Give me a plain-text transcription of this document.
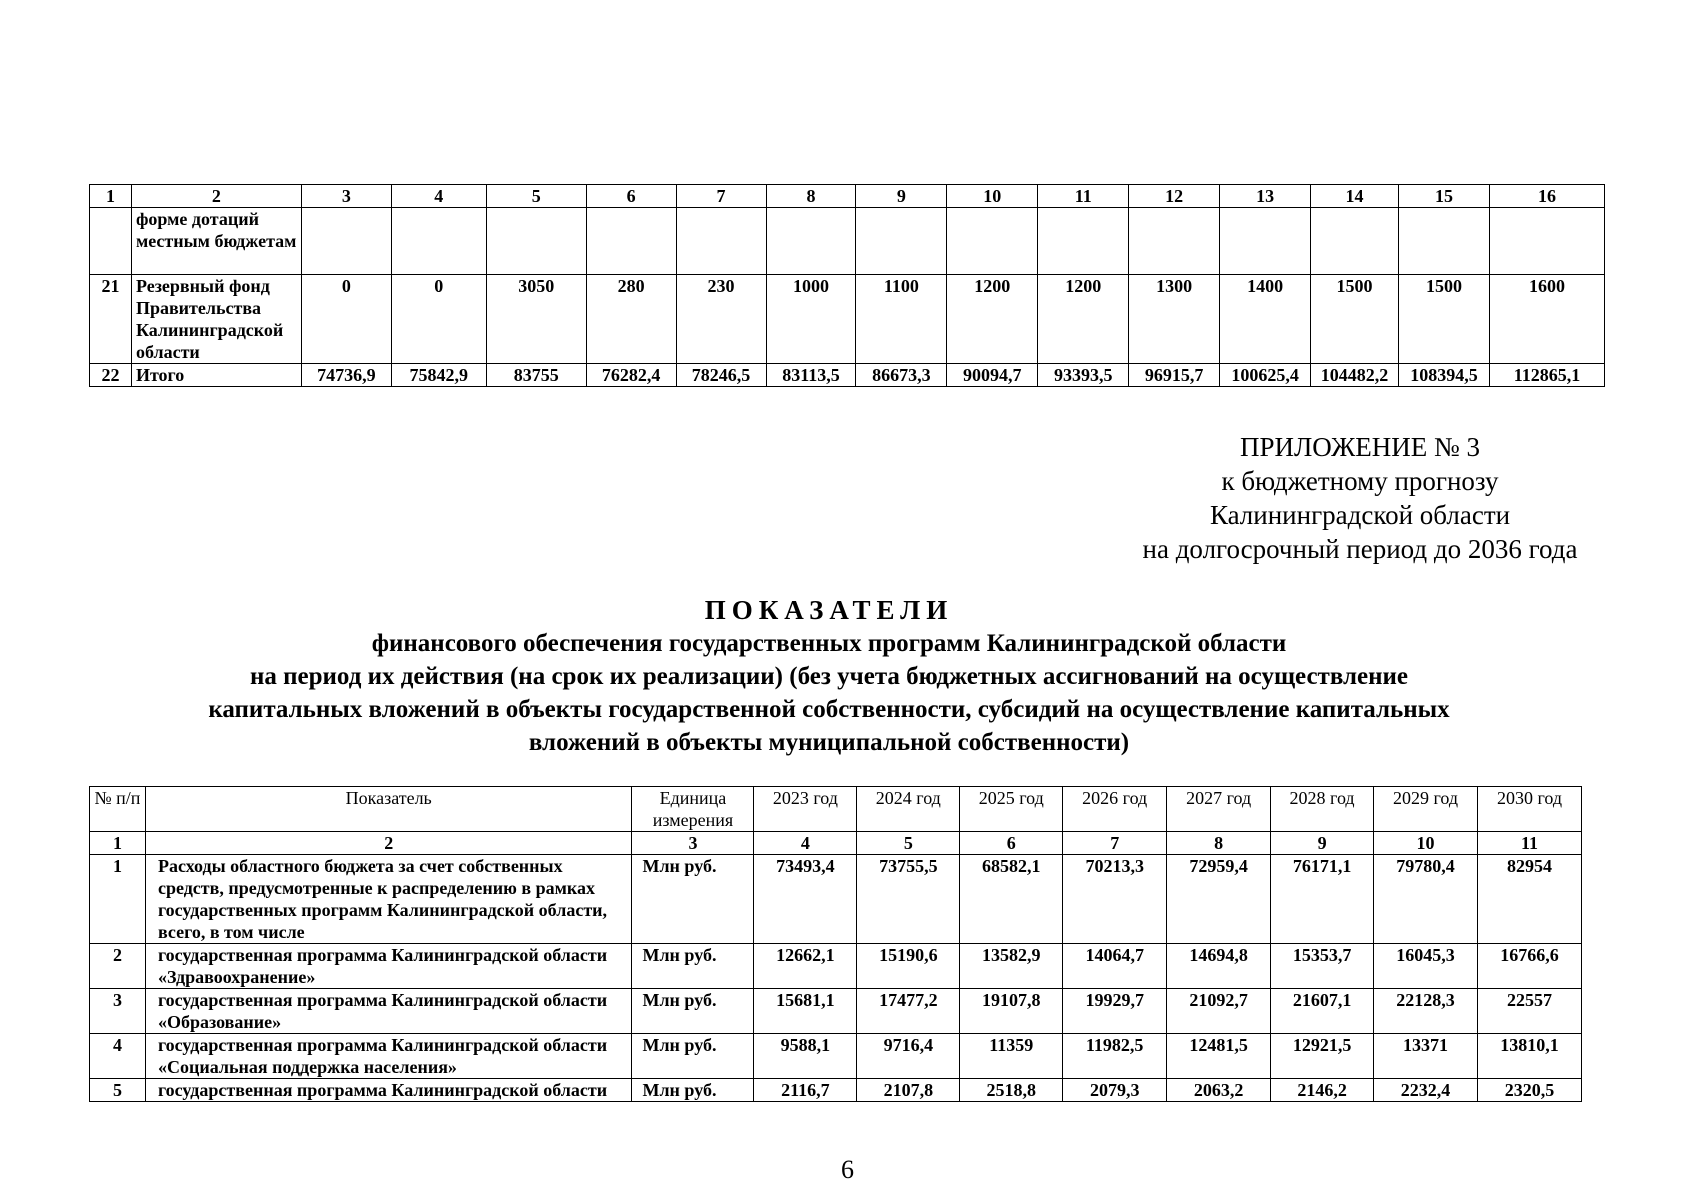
1	2	3	4	5	6	7	8	9	10	11	12	13	14	15	16
	форме дотаций местным бюджетам														
21	Резервный фонд Правительства Калининградской области	0	0	3050	280	230	1000	1100	1200	1200	1300	1400	1500	1500	1600
22	Итого	74736,9	75842,9	83755	76282,4	78246,5	83113,5	86673,3	90094,7	93393,5	96915,7	100625,4	104482,2	108394,5	112865,1
ПРИЛОЖЕНИЕ № 3
к бюджетному прогнозу
Калининградской области
на долгосрочный период до 2036 года
ПОКАЗАТЕЛИ
финансового обеспечения государственных программ Калининградской области
на период их действия (на срок их реализации) (без учета бюджетных ассигнований на осуществление
капитальных вложений в объекты государственной собственности, субсидий на осуществление капитальных
вложений в объекты муниципальной собственности)
№ п/п	Показатель	Единица измерения	2023 год	2024 год	2025 год	2026 год	2027 год	2028 год	2029 год	2030 год
1	2	3	4	5	6	7	8	9	10	11
1	Расходы областного бюджета за счет собственных средств, предусмотренные к распределению в рамках государственных программ Калининградской области, всего, в том числе	Млн руб.	73493,4	73755,5	68582,1	70213,3	72959,4	76171,1	79780,4	82954
2	государственная программа Калининградской области «Здравоохранение»	Млн руб.	12662,1	15190,6	13582,9	14064,7	14694,8	15353,7	16045,3	16766,6
3	государственная программа Калининградской области «Образование»	Млн руб.	15681,1	17477,2	19107,8	19929,7	21092,7	21607,1	22128,3	22557
4	государственная программа Калининградской области «Социальная поддержка населения»	Млн руб.	9588,1	9716,4	11359	11982,5	12481,5	12921,5	13371	13810,1
5	государственная программа Калининградской области	Млн руб.	2116,7	2107,8	2518,8	2079,3	2063,2	2146,2	2232,4	2320,5
6
